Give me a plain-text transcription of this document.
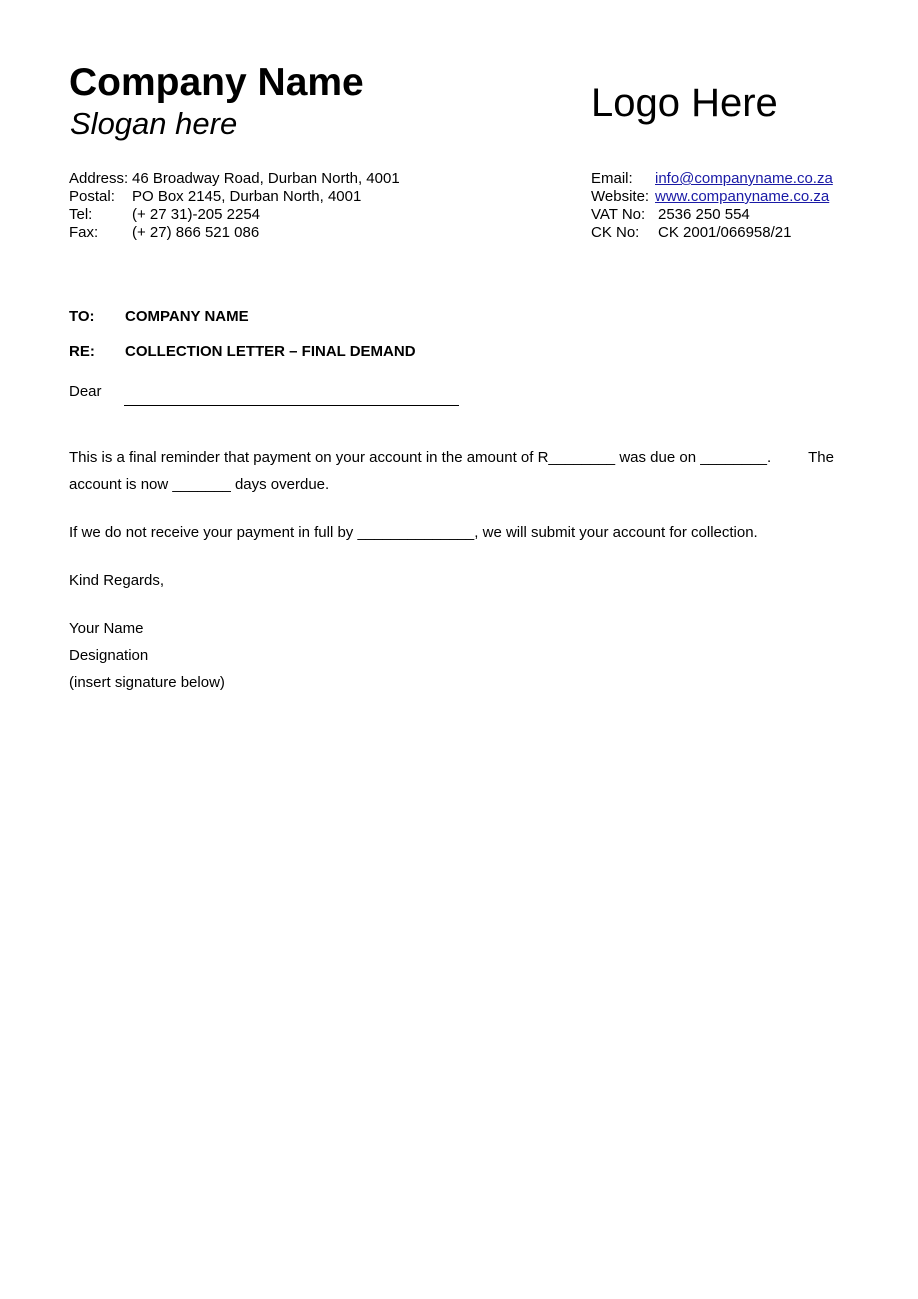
Company Name
Slogan here	Logo Here
Address: 46 Broadway Road, Durban North, 4001
Postal: PO Box 2145, Durban North, 4001
Tel:	(+ 27 31)-205 2254
Fax: (+ 27) 866 521 086
Email: info@companyname.co.za
Website: www.companyname.co.za
VAT No: 2536 250 554
CK No: CK 2001/066958/21
TO: COMPANY NAME
RE: COLLECTION LETTER – FINAL DEMAND
Dear
This is a final reminder that payment on your account in the amount of R________ was due on ________. The
account is now _______ days overdue.
If we do not receive your payment in full by ______________, we will submit your account for collection.
Kind Regards,
Your Name
Designation
(insert signature below)
